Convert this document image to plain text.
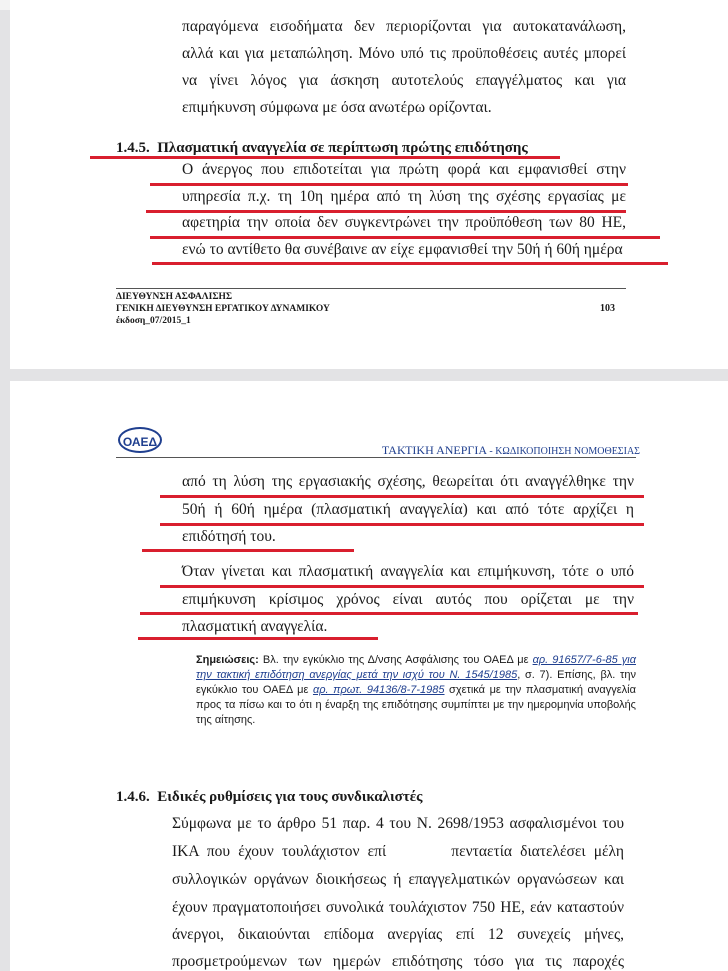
παραγόμενα εισοδήματα δεν περιορίζονται για αυτοκατανάλωση,
αλλά και για μεταπώληση. Μόνο υπό τις προϋποθέσεις αυτές μπορεί
να γίνει λόγος για άσκηση αυτοτελούς επαγγέλματος και για
επιμήκυνση σύμφωνα με όσα ανωτέρω ορίζονται.
1.4.5. Πλασματική αναγγελία σε περίπτωση πρώτης επιδότησης
Ο άνεργος που επιδοτείται για πρώτη φορά και εμφανισθεί στην
υπηρεσία π.χ. τη 10η ημέρα από τη λύση της σχέσης εργασίας με
αφετηρία την οποία δεν συγκεντρώνει την προϋπόθεση των 80 ΗΕ,
ενώ το αντίθετο θα συνέβαινε αν είχε εμφανισθεί την 50ή ή 60ή ημέρα
ΔΙΕΥΘΥΝΣΗ ΑΣΦΑΛΙΣΗΣ
ΓΕΝΙΚΗ ΔΙΕΥΘΥΝΣΗ ΕΡΓΑΤΙΚΟΥ ΔΥΝΑΜΙΚΟΥ
έκδοση_07/2015_1
103
ΟΑΕΔ
ΤΑΚΤΙΚΗ ΑΝΕΡΓΙΑ - ΚΩΔΙΚΟΠΟΙΗΣΗ ΝΟΜΟΘΕΣΙΑΣ
από τη λύση της εργασιακής σχέσης, θεωρείται ότι αναγγέλθηκε την
50ή ή 60ή ημέρα (πλασματική αναγγελία) και από τότε αρχίζει η
επιδότησή του.
Όταν γίνεται και πλασματική αναγγελία και επιμήκυνση, τότε ο υπό
επιμήκυνση κρίσιμος χρόνος είναι αυτός που ορίζεται με την
πλασματική αναγγελία.
Σημειώσεις: Βλ. την εγκύκλιο της Δ/νσης Ασφάλισης του ΟΑΕΔ με αρ. 91657/7-6-85 για την τακτική επιδότηση ανεργίας μετά την ισχύ του Ν. 1545/1985, σ. 7). Επίσης, βλ. την εγκύκλιο του ΟΑΕΔ με αρ. πρωτ. 94136/8-7-1985 σχετικά με την πλασματική αναγγελία προς τα πίσω και το ότι η έναρξη της επιδότησης συμπίπτει με την ημερομηνία υποβολής της αίτησης.
1.4.6. Ειδικές ρυθμίσεις για τους συνδικαλιστές
Σύμφωνα με το άρθρο 51 παρ. 4 του Ν. 2698/1953 ασφαλισμένοι του
ΙΚΑ που έχουν τουλάχιστον επί        πενταετία διατελέσει μέλη
συλλογικών οργάνων διοικήσεως ή επαγγελματικών οργανώσεων και
έχουν πραγματοποιήσει συνολικά τουλάχιστον 750 ΗΕ, εάν καταστούν
άνεργοι, δικαιούνται επίδομα ανεργίας επί 12 συνεχείς μήνες,
προσμετρούμενων των ημερών επιδότησης τόσο για τις παροχές
